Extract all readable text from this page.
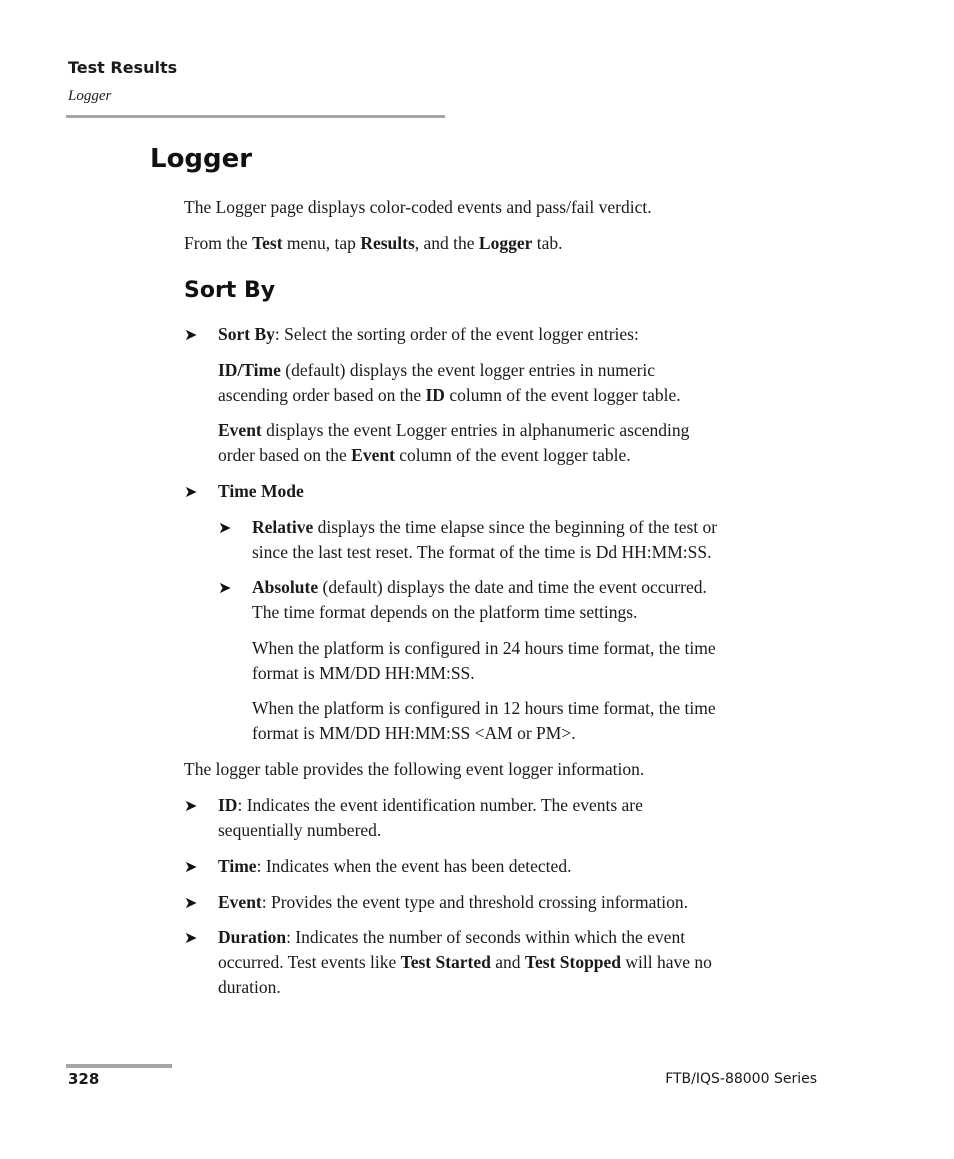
Test Results
Logger
Logger
The Logger page displays color-coded events and pass/fail verdict.
From the Test menu, tap Results, and the Logger tab.
Sort By
➤ Sort By: Select the sorting order of the event logger entries:
ID/Time (default) displays the event logger entries in numeric
ascending order based on the ID column of the event logger table.
Event displays the event Logger entries in alphanumeric ascending
order based on the Event column of the event logger table.
➤ Time Mode
➤ Relative displays the time elapse since the beginning of the test or
since the last test reset. The format of the time is Dd HH:MM:SS.
➤ Absolute (default) displays the date and time the event occurred.
The time format depends on the platform time settings.
When the platform is configured in 24 hours time format, the time
format is MM/DD HH:MM:SS.
When the platform is configured in 12 hours time format, the time
format is MM/DD HH:MM:SS <AM or PM>.
The logger table provides the following event logger information.
➤ ID: Indicates the event identification number. The events are
sequentially numbered.
➤ Time: Indicates when the event has been detected.
➤ Event: Provides the event type and threshold crossing information.
➤ Duration: Indicates the number of seconds within which the event
occurred. Test events like Test Started and Test Stopped will have no
duration.
328	FTB/IQS-88000 Series
